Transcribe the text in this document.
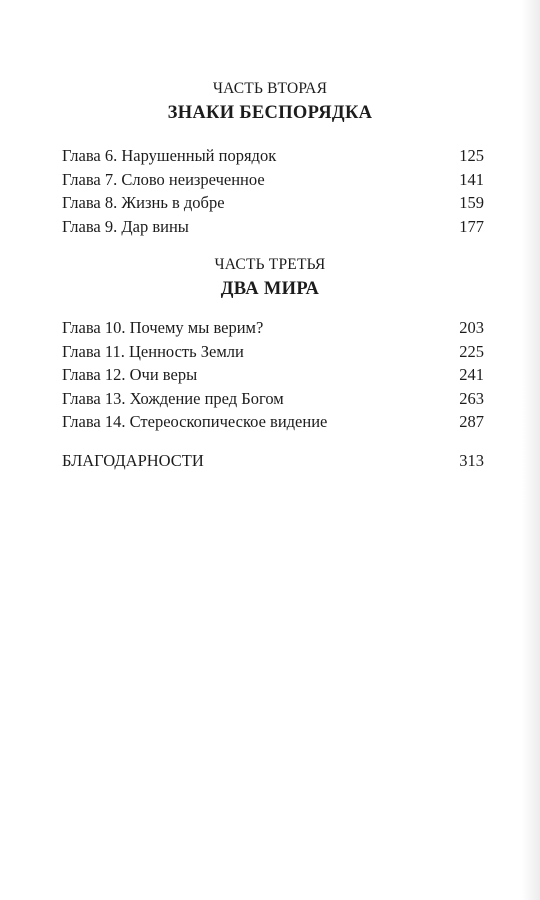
ЧАСТЬ ВТОРАЯ
ЗНАКИ БЕСПОРЯДКА
Глава 6. Нарушенный порядок	125
Глава 7. Слово неизреченное	141
Глава 8. Жизнь в добре	159
Глава 9. Дар вины	177
ЧАСТЬ ТРЕТЬЯ
ДВА МИРА
Глава 10. Почему мы верим?	203
Глава 11. Ценность Земли	225
Глава 12. Очи веры	241
Глава 13. Хождение пред Богом	263
Глава 14. Стереоскопическое видение	287
БЛАГОДАРНОСТИ	313
